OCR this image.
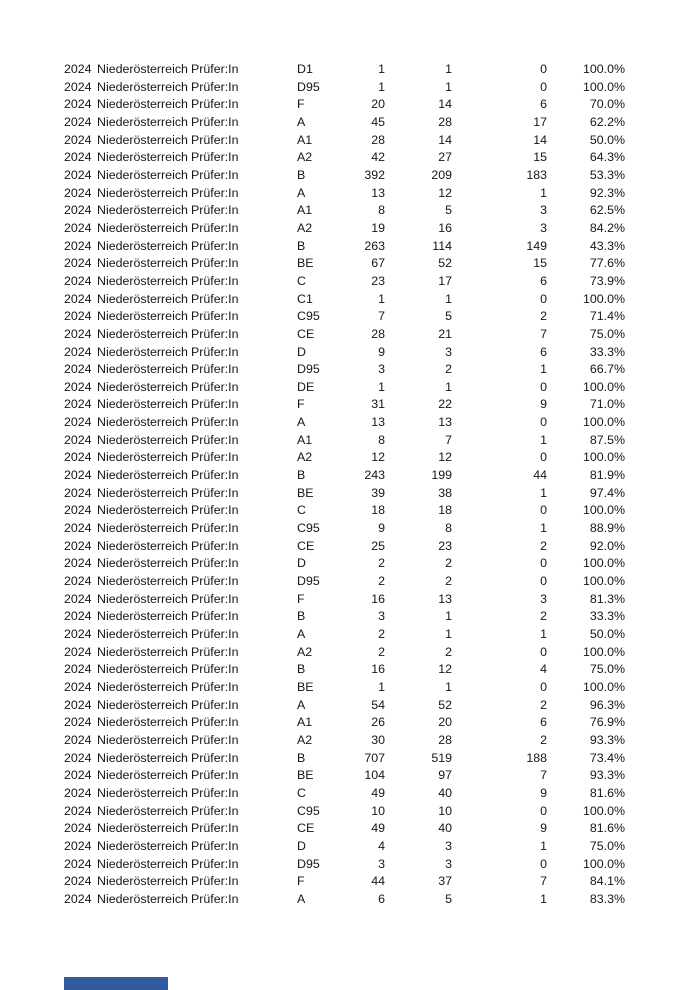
2024 Niederösterreich Prüfer:In	D1	1	1	0	100.0%
2024 Niederösterreich Prüfer:In	D95	1	1	0	100.0%
2024 Niederösterreich Prüfer:In	F	20	14	6	70.0%
2024 Niederösterreich Prüfer:In	A	45	28	17	62.2%
2024 Niederösterreich Prüfer:In	A1	28	14	14	50.0%
2024 Niederösterreich Prüfer:In	A2	42	27	15	64.3%
2024 Niederösterreich Prüfer:In	B	392	209	183	53.3%
2024 Niederösterreich Prüfer:In	A	13	12	1	92.3%
2024 Niederösterreich Prüfer:In	A1	8	5	3	62.5%
2024 Niederösterreich Prüfer:In	A2	19	16	3	84.2%
2024 Niederösterreich Prüfer:In	B	263	114	149	43.3%
2024 Niederösterreich Prüfer:In	BE	67	52	15	77.6%
2024 Niederösterreich Prüfer:In	C	23	17	6	73.9%
2024 Niederösterreich Prüfer:In	C1	1	1	0	100.0%
2024 Niederösterreich Prüfer:In	C95	7	5	2	71.4%
2024 Niederösterreich Prüfer:In	CE	28	21	7	75.0%
2024 Niederösterreich Prüfer:In	D	9	3	6	33.3%
2024 Niederösterreich Prüfer:In	D95	3	2	1	66.7%
2024 Niederösterreich Prüfer:In	DE	1	1	0	100.0%
2024 Niederösterreich Prüfer:In	F	31	22	9	71.0%
2024 Niederösterreich Prüfer:In	A	13	13	0	100.0%
2024 Niederösterreich Prüfer:In	A1	8	7	1	87.5%
2024 Niederösterreich Prüfer:In	A2	12	12	0	100.0%
2024 Niederösterreich Prüfer:In	B	243	199	44	81.9%
2024 Niederösterreich Prüfer:In	BE	39	38	1	97.4%
2024 Niederösterreich Prüfer:In	C	18	18	0	100.0%
2024 Niederösterreich Prüfer:In	C95	9	8	1	88.9%
2024 Niederösterreich Prüfer:In	CE	25	23	2	92.0%
2024 Niederösterreich Prüfer:In	D	2	2	0	100.0%
2024 Niederösterreich Prüfer:In	D95	2	2	0	100.0%
2024 Niederösterreich Prüfer:In	F	16	13	3	81.3%
2024 Niederösterreich Prüfer:In	B	3	1	2	33.3%
2024 Niederösterreich Prüfer:In	A	2	1	1	50.0%
2024 Niederösterreich Prüfer:In	A2	2	2	0	100.0%
2024 Niederösterreich Prüfer:In	B	16	12	4	75.0%
2024 Niederösterreich Prüfer:In	BE	1	1	0	100.0%
2024 Niederösterreich Prüfer:In	A	54	52	2	96.3%
2024 Niederösterreich Prüfer:In	A1	26	20	6	76.9%
2024 Niederösterreich Prüfer:In	A2	30	28	2	93.3%
2024 Niederösterreich Prüfer:In	B	707	519	188	73.4%
2024 Niederösterreich Prüfer:In	BE	104	97	7	93.3%
2024 Niederösterreich Prüfer:In	C	49	40	9	81.6%
2024 Niederösterreich Prüfer:In	C95	10	10	0	100.0%
2024 Niederösterreich Prüfer:In	CE	49	40	9	81.6%
2024 Niederösterreich Prüfer:In	D	4	3	1	75.0%
2024 Niederösterreich Prüfer:In	D95	3	3	0	100.0%
2024 Niederösterreich Prüfer:In	F	44	37	7	84.1%
2024 Niederösterreich Prüfer:In	A	6	5	1	83.3%
